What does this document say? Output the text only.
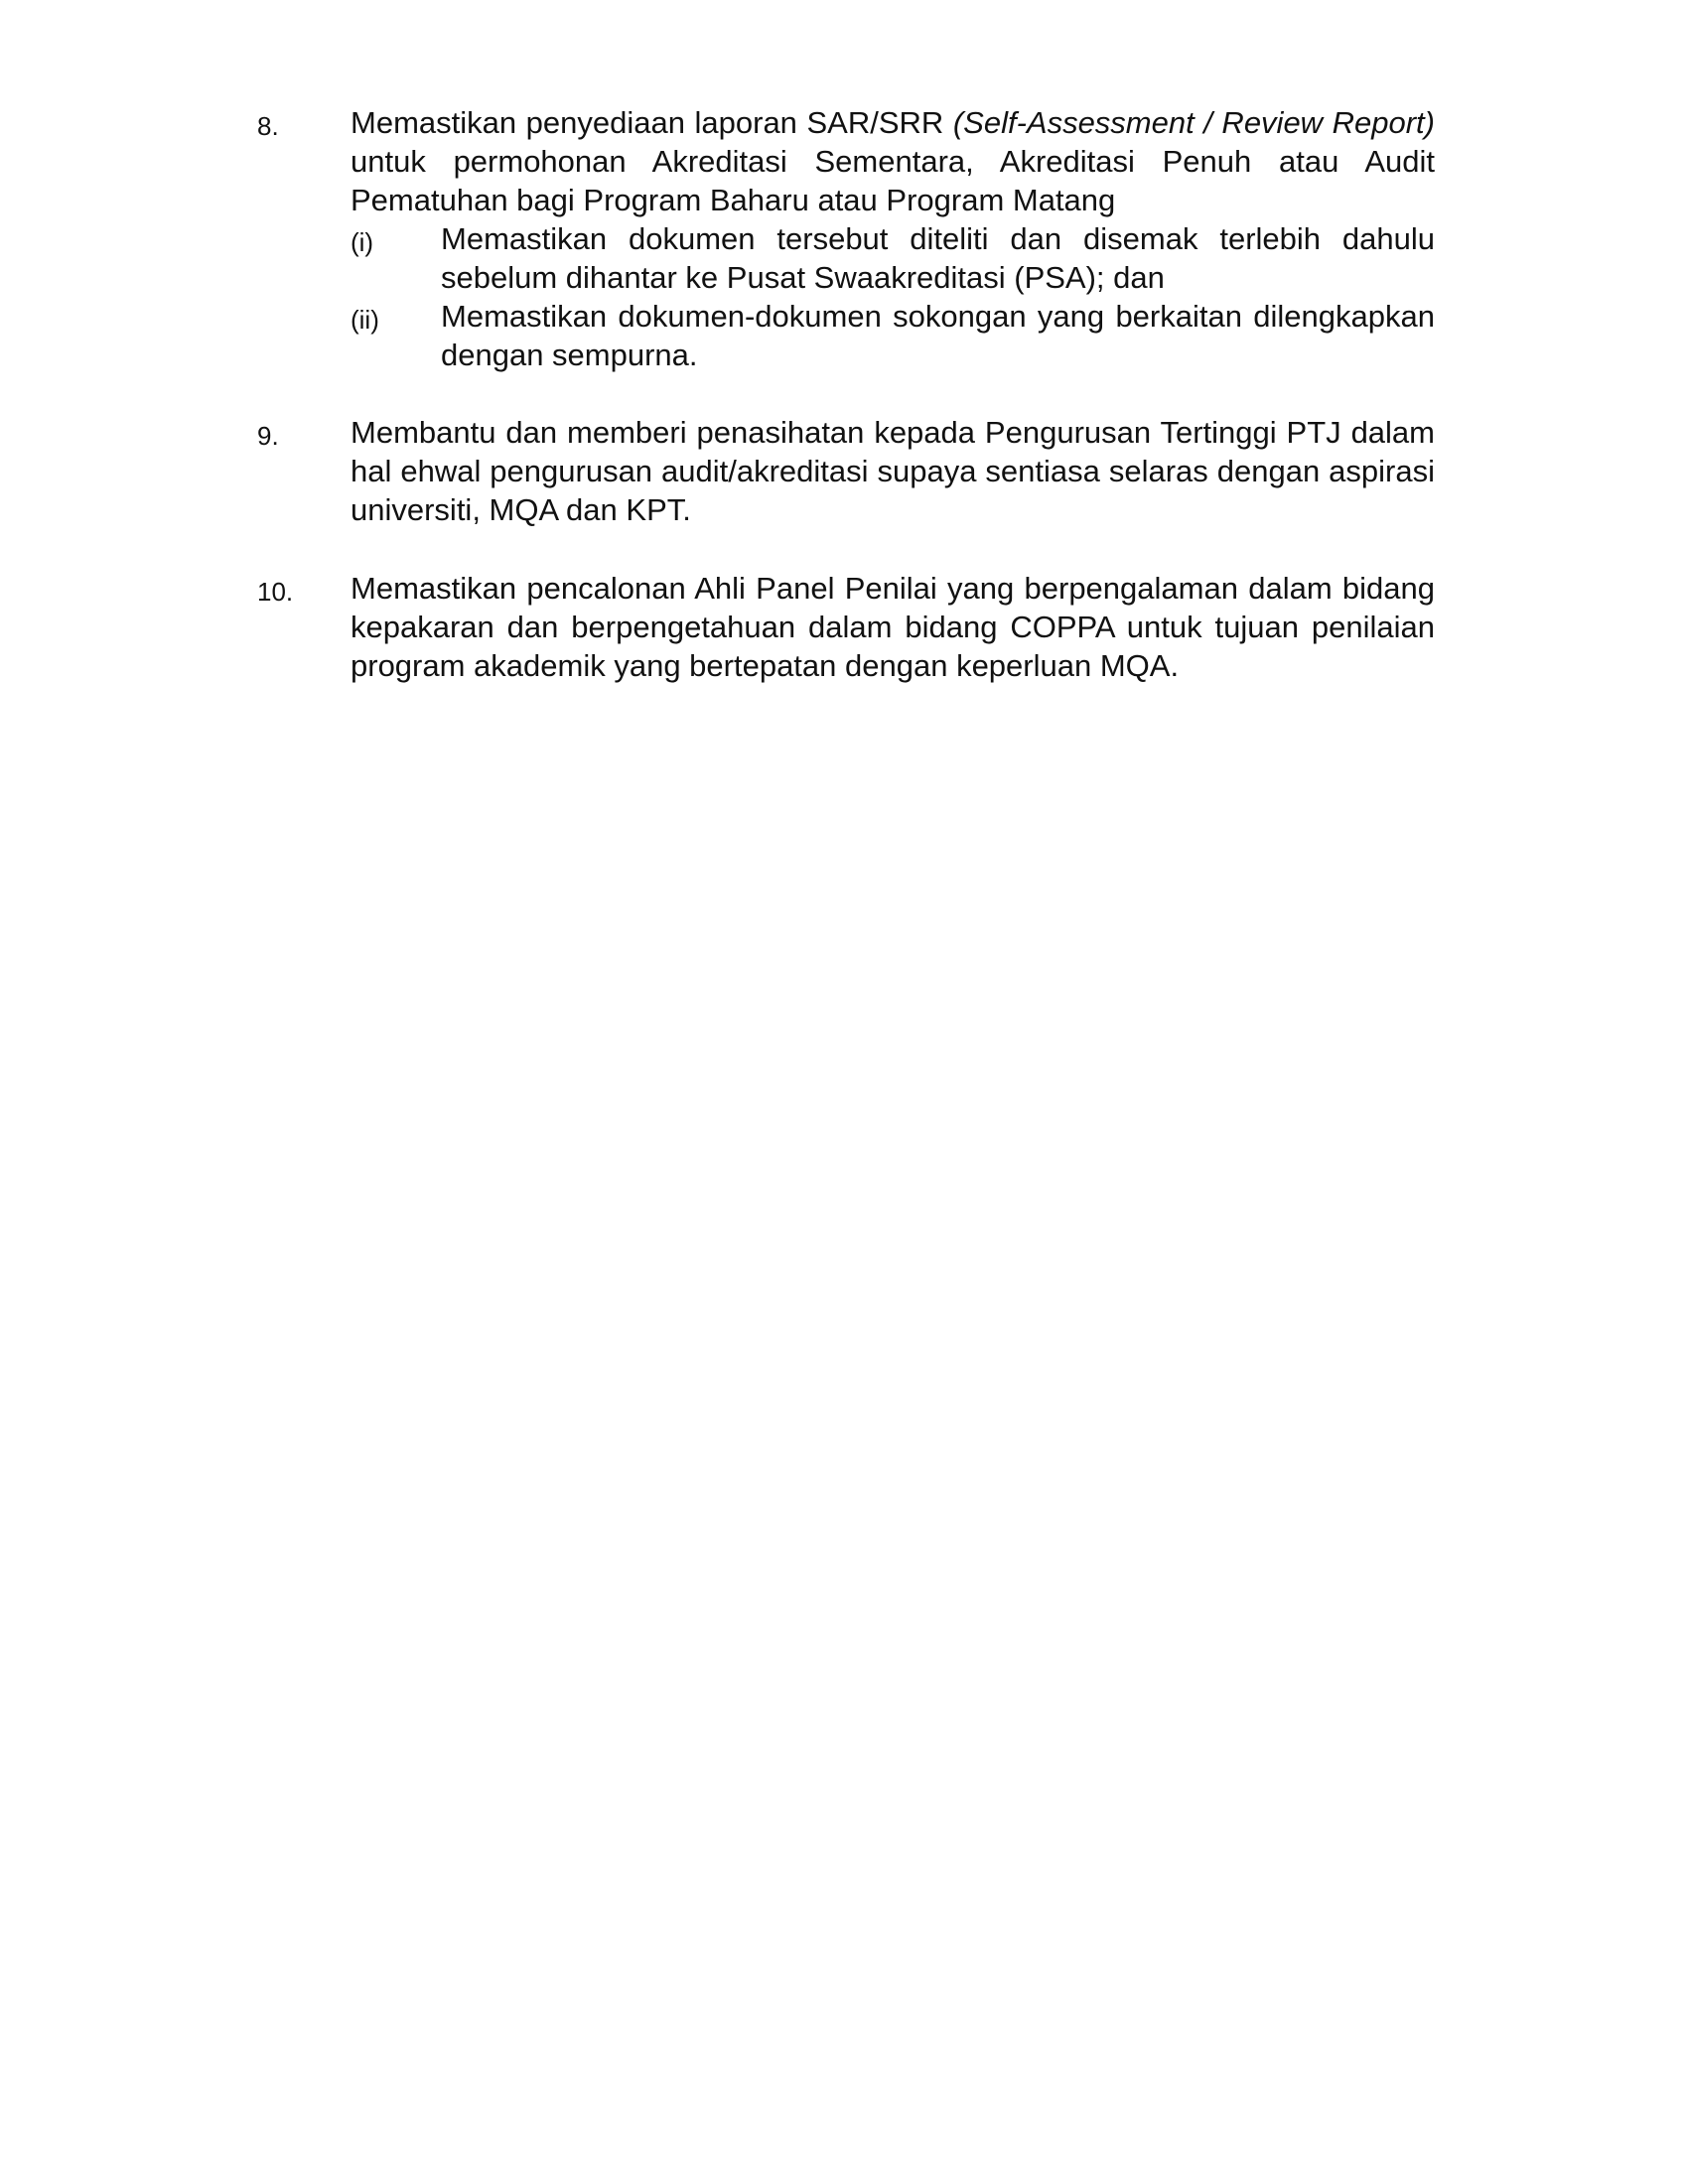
8. Memastikan penyediaan laporan SAR/SRR (Self-Assessment / Review Report)
untuk permohonan Akreditasi Sementara, Akreditasi Penuh atau Audit
Pematuhan bagi Program Baharu atau Program Matang
(i) Memastikan dokumen tersebut diteliti dan disemak terlebih dahulu
sebelum dihantar ke Pusat Swaakreditasi (PSA); dan
(ii) Memastikan dokumen-dokumen sokongan yang berkaitan dilengkapkan
dengan sempurna.
9. Membantu dan memberi penasihatan kepada Pengurusan Tertinggi PTJ dalam
hal ehwal pengurusan audit/akreditasi supaya sentiasa selaras dengan aspirasi
universiti, MQA dan KPT.
10. Memastikan pencalonan Ahli Panel Penilai yang berpengalaman dalam bidang
kepakaran dan berpengetahuan dalam bidang COPPA untuk tujuan penilaian
program akademik yang bertepatan dengan keperluan MQA.
